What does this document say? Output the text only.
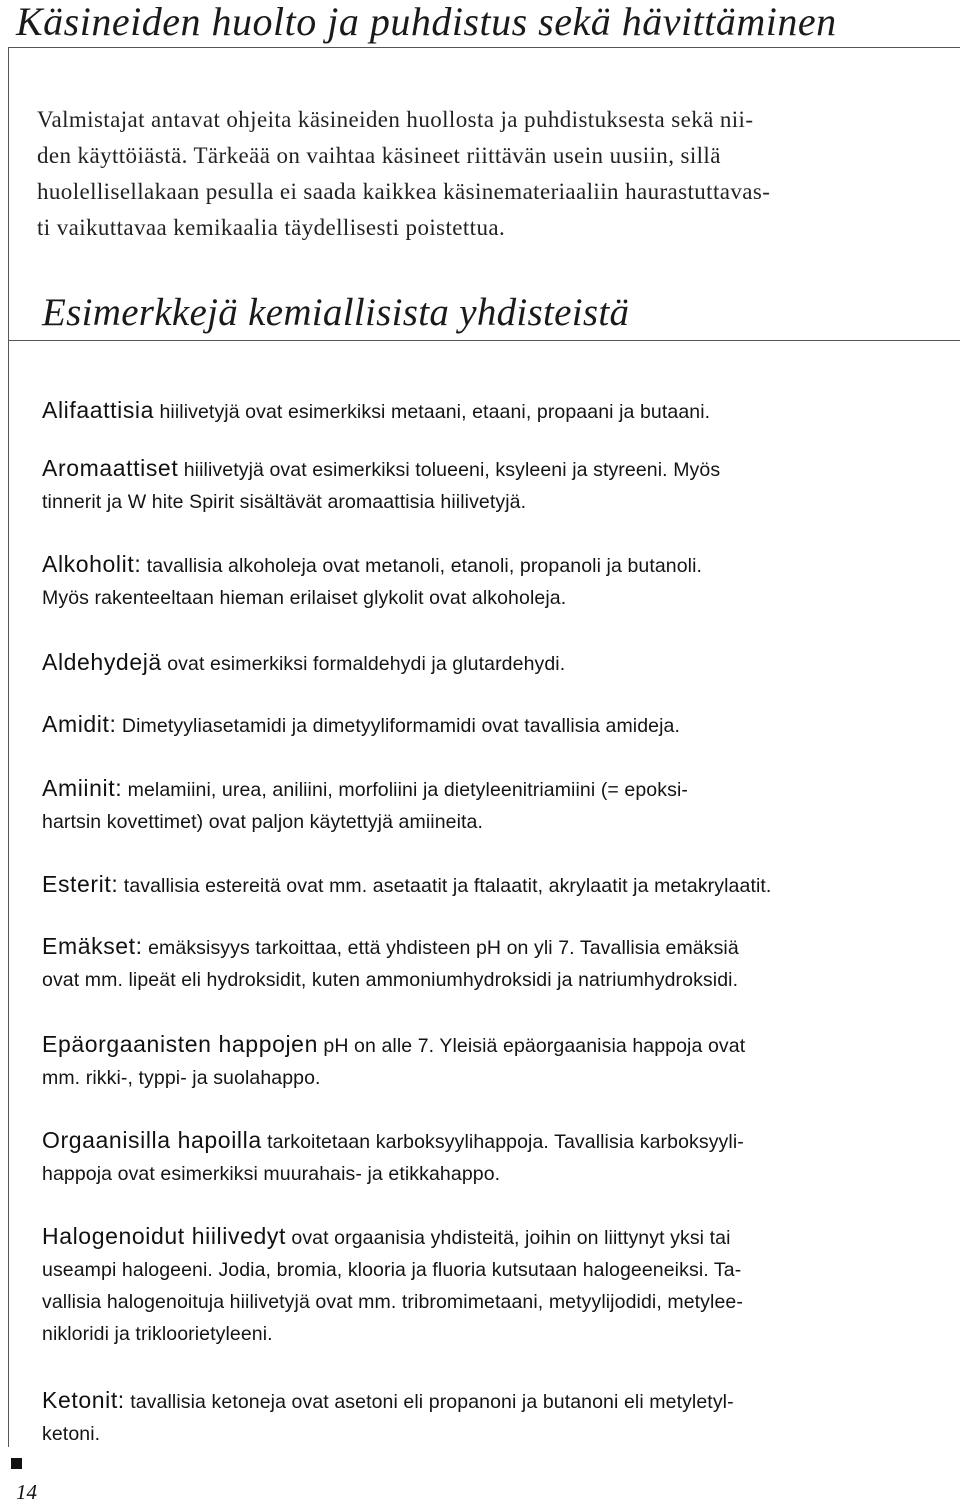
Käsineiden huolto ja puhdistus sekä hävittäminen

Valmistajat antavat ohjeita käsineiden huollosta ja puhdistuksesta sekä nii-
den käyttöiästä. Tärkeää on vaihtaa käsineet riittävän usein uusiin, sillä
huolellisellakaan pesulla ei saada kaikkea käsinemateriaaliin haurastuttavas-
ti vaikuttavaa kemikaalia täydellisesti poistettua.

Esimerkkejä kemiallisista yhdisteistä

Alifaattisia hiilivetyjä ovat esimerkiksi metaani, etaani, propaani ja butaani.

Aromaattiset hiilivetyjä ovat esimerkiksi tolueeni, ksyleeni ja styreeni. Myös
tinnerit ja W hite Spirit sisältävät aromaattisia hiilivetyjä.

Alkoholit: tavallisia alkoholeja ovat metanoli, etanoli, propanoli ja butanoli.
Myös rakenteeltaan hieman erilaiset glykolit ovat alkoholeja.

Aldehydejä ovat esimerkiksi formaldehydi ja glutardehydi.

Amidit: Dimetyyliasetamidi ja dimetyyliformamidi ovat tavallisia amideja.

Amiinit: melamiini, urea, aniliini, morfoliini ja dietyleenitriamiini (= epoksi-
hartsin kovettimet) ovat paljon käytettyjä amiineita.

Esterit: tavallisia estereitä ovat mm. asetaatit ja ftalaatit, akrylaatit ja metakrylaatit.

Emäkset: emäksisyys tarkoittaa, että yhdisteen pH on yli 7. Tavallisia emäksiä
ovat mm. lipeät eli hydroksidit, kuten ammoniumhydroksidi ja natriumhydroksidi.

Epäorgaanisten happojen pH on alle 7. Yleisiä epäorgaanisia happoja ovat
mm. rikki-, typpi- ja suolahappo.

Orgaanisilla hapoilla tarkoitetaan karboksyylihappoja. Tavallisia karboksyyli-
happoja ovat esimerkiksi muurahais- ja etikkahappo.

Halogenoidut hiilivedyt ovat orgaanisia yhdisteitä, joihin on liittynyt yksi tai
useampi halogeeni. Jodia, bromia, klooria ja fluoria kutsutaan halogeeneiksi. Ta-
vallisia halogenoituja hiilivetyjä ovat mm. tribromimetaani, metyylijodidi, metylee-
nikloridi ja trikloorietyleeni.

Ketonit: tavallisia ketoneja ovat asetoni eli propanoni ja butanoni eli metyletyl-
ketoni.

14
